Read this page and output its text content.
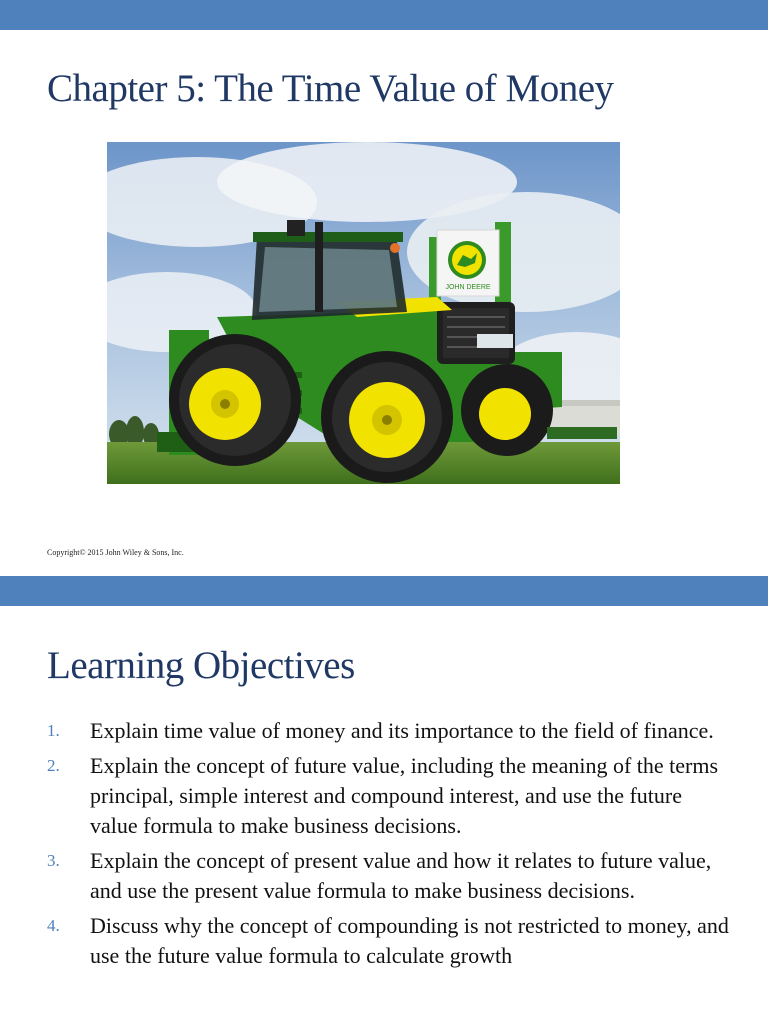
Chapter 5: The Time Value of Money
JOHN DEERE
Copyright© 2015 John Wiley & Sons, Inc.
Learning Objectives
1. Explain time value of money and its importance to the field of finance.
2. Explain the concept of future value, including the meaning of the terms principal, simple interest and compound interest, and use the future value formula to make business decisions.
3. Explain the concept of present value and how it relates to future value, and use the present value formula to make business decisions.
4. Discuss why the concept of compounding is not restricted to money, and use the future value formula to calculate growth
